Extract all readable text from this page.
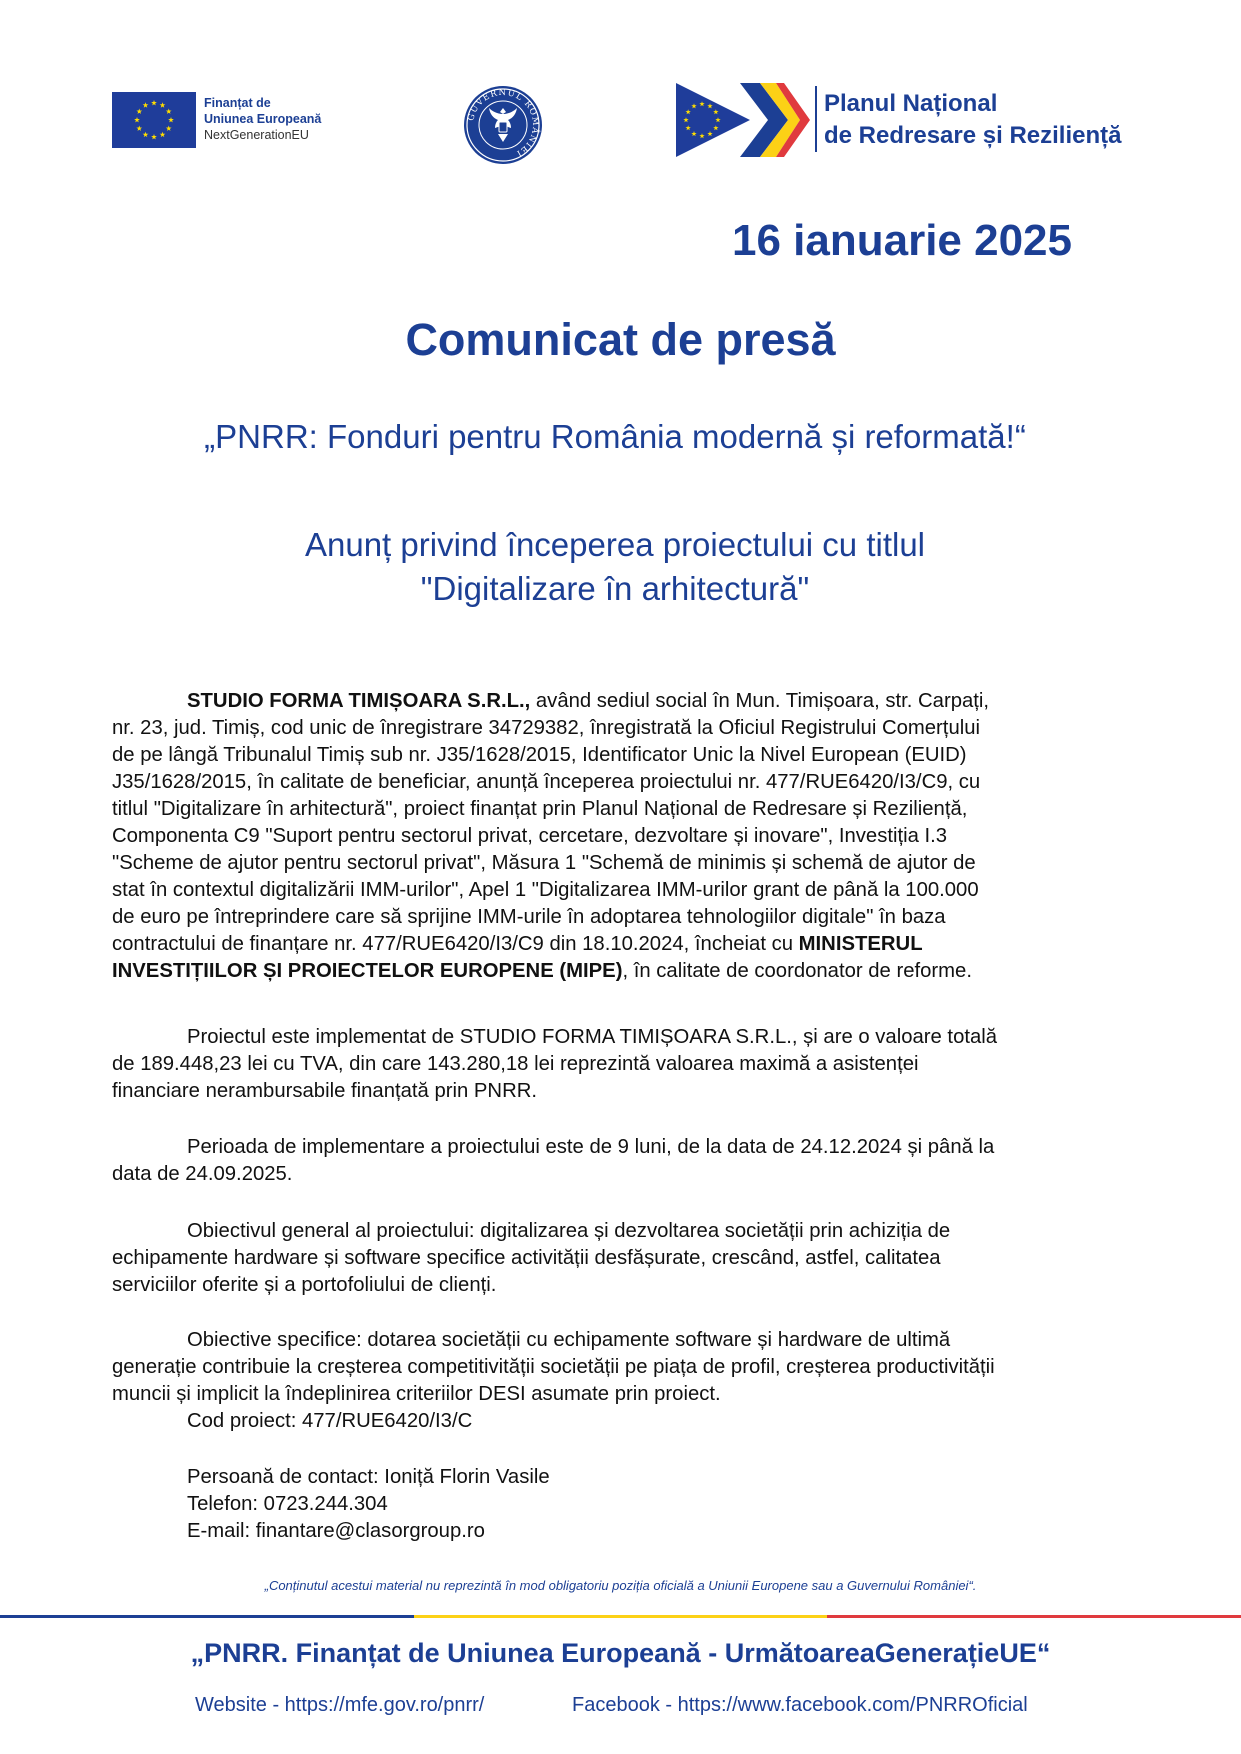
Finanțat de
Uniunea Europeană
NextGenerationEU
GUVERNUL ROMÂNIEI
Planul Național
de Redresare și Reziliență
16 ianuarie 2025
Comunicat de presă
„PNRR: Fonduri pentru România modernă și reformată!“
Anunț privind începerea proiectului cu titlul
"Digitalizare în arhitectură"

STUDIO FORMA TIMIȘOARA S.R.L., având sediul social în Mun. Timișoara, str. Carpați,

nr. 23, jud. Timiș, cod unic de înregistrare 34729382, înregistrată la Oficiul Registrului Comerțului

de pe lângă Tribunalul Timiș sub nr. J35/1628/2015, Identificator Unic la Nivel European (EUID)

J35/1628/2015, în calitate de beneficiar, anunță începerea proiectului nr. 477/RUE6420/I3/C9, cu

titlul "Digitalizare în arhitectură", proiect finanțat prin Planul Național de Redresare și Reziliență,

Componenta C9 "Suport pentru sectorul privat, cercetare, dezvoltare și inovare", Investiția I.3

"Scheme de ajutor pentru sectorul privat", Măsura 1 "Schemă de minimis și schemă de ajutor de

stat în contextul digitalizării IMM-urilor", Apel 1 "Digitalizarea IMM-urilor grant de până la 100.000

de euro pe întreprindere care să sprijine IMM-urile în adoptarea tehnologiilor digitale" în baza

contractului de finanțare nr. 477/RUE6420/I3/C9 din 18.10.2024, încheiat cu MINISTERUL

INVESTIȚIILOR ȘI PROIECTELOR EUROPENE (MIPE), în calitate de coordonator de reforme.

Proiectul este implementat de STUDIO FORMA TIMIȘOARA S.R.L., și are o valoare totală

de 189.448,23 lei cu TVA, din care 143.280,18 lei reprezintă valoarea maximă a asistenței

financiare nerambursabile finanțată prin PNRR.

Perioada de implementare a proiectului este de 9 luni, de la data de 24.12.2024 și până la

data de 24.09.2025.

Obiectivul general al proiectului: digitalizarea și dezvoltarea societății prin achiziția de

echipamente hardware și software specifice activității desfășurate, crescând, astfel, calitatea

serviciilor oferite și a portofoliului de clienți.

Obiective specifice: dotarea societății cu echipamente software și hardware de ultimă

generație contribuie la creșterea competitivității societății pe piața de profil, creșterea productivității

muncii și implicit la îndeplinirea criteriilor DESI asumate prin proiect.

Cod proiect: 477/RUE6420/I3/C

Persoană de contact: Ioniță Florin Vasile
Telefon: 0723.244.304
E-mail: finantare@clasorgroup.ro
„Conținutul acestui material nu reprezintă în mod obligatoriu poziția oficială a Uniunii Europene sau a Guvernului României“.
„PNRR. Finanțat de Uniunea Europeană - UrmătoareaGenerațieUE“
Website - https://mfe.gov.ro/pnrr/	Facebook - https://www.facebook.com/PNRROficial
